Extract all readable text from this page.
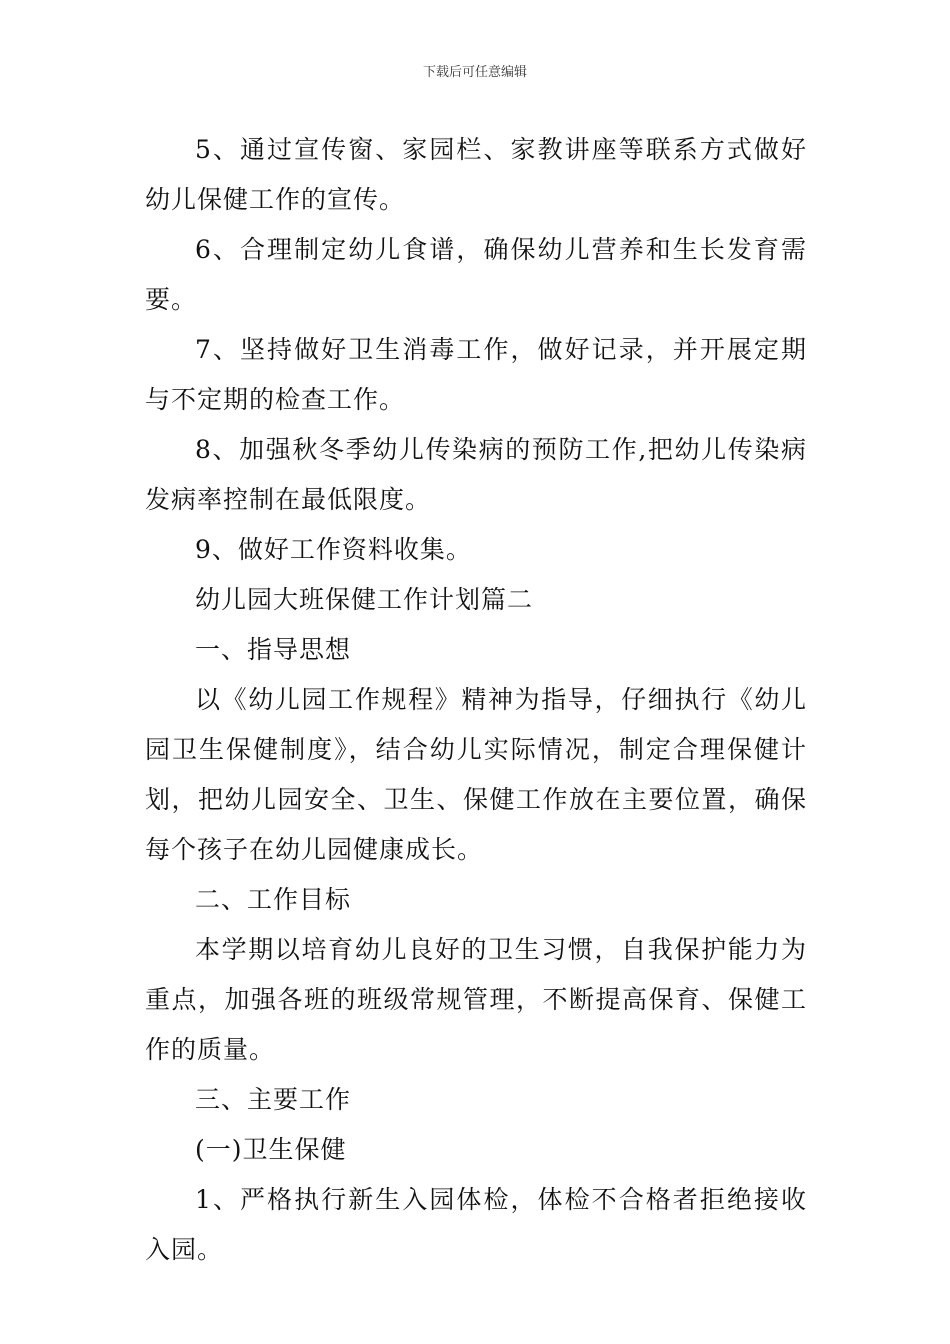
下载后可任意编辑

5、通过宣传窗、家园栏、家教讲座等联系方式做好幼儿保健工作的宣传。

6、合理制定幼儿食谱，确保幼儿营养和生长发育需要。

7、坚持做好卫生消毒工作，做好记录，并开展定期与不定期的检查工作。

8、加强秋冬季幼儿传染病的预防工作,把幼儿传染病发病率控制在最低限度。

9、做好工作资料收集。

幼儿园大班保健工作计划篇二

一、指导思想

以《幼儿园工作规程》精神为指导，仔细执行《幼儿园卫生保健制度》，结合幼儿实际情况，制定合理保健计划，把幼儿园安全、卫生、保健工作放在主要位置，确保每个孩子在幼儿园健康成长。

二、工作目标

本学期以培育幼儿良好的卫生习惯，自我保护能力为重点，加强各班的班级常规管理，不断提高保育、保健工作的质量。

三、主要工作

(一)卫生保健

1、严格执行新生入园体检，体检不合格者拒绝接收入园。
